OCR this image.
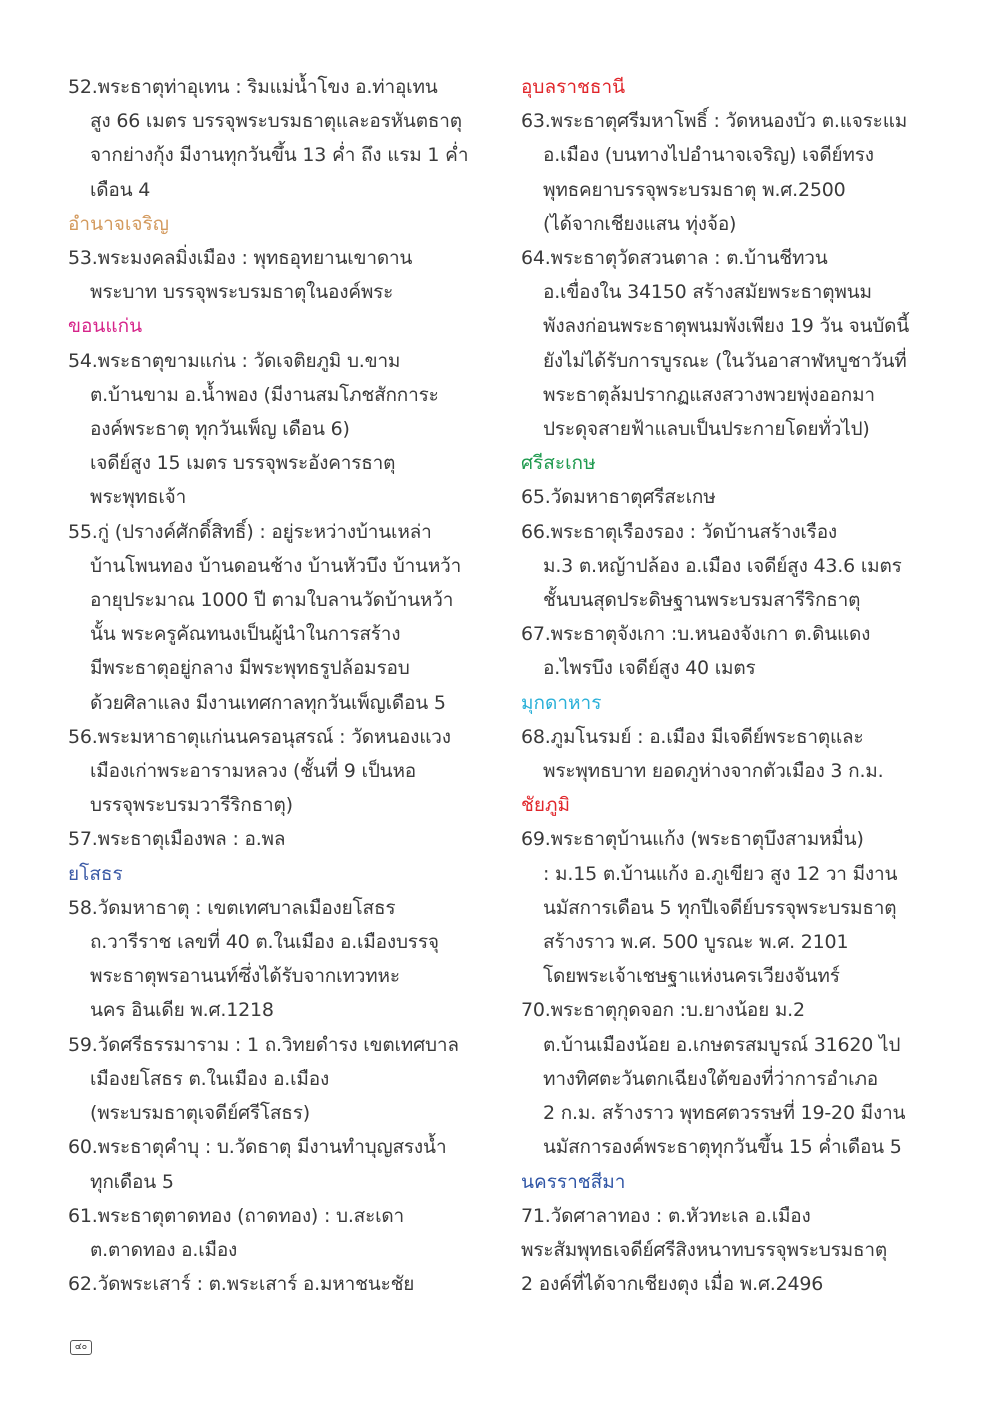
52.พระธาตุท่าอุเทน : ริมแม่น้ำโขง อ.ท่าอุเทน
สูง 66 เมตร บรรจุพระบรมธาตุและอรหันตธาตุ
จากย่างกุ้ง มีงานทุกวันขึ้น 13 ค่ำ ถึง แรม 1 ค่ำ
เดือน 4
อำนาจเจริญ
53.พระมงคลมิ่งเมือง : พุทธอุทยานเขาดาน
พระบาท บรรจุพระบรมธาตุในองค์พระ
ขอนแก่น
54.พระธาตุขามแก่น : วัดเจติยภูมิ บ.ขาม
ต.บ้านขาม อ.น้ำพอง (มีงานสมโภชสักการะ
องค์พระธาตุ ทุกวันเพ็ญ เดือน 6)
เจดีย์สูง 15 เมตร บรรจุพระอังคารธาตุ
พระพุทธเจ้า
55.กู่ (ปรางค์ศักดิ์สิทธิ์) : อยู่ระหว่างบ้านเหล่า
บ้านโพนทอง บ้านดอนช้าง บ้านหัวบึง บ้านหว้า
อายุประมาณ 1000 ปี ตามใบลานวัดบ้านหว้า
นั้น พระครูคัณทนงเป็นผู้นำในการสร้าง
มีพระธาตุอยู่กลาง มีพระพุทธรูปล้อมรอบ
ด้วยศิลาแลง มีงานเทศกาลทุกวันเพ็ญเดือน 5
56.พระมหาธาตุแก่นนครอนุสรณ์ : วัดหนองแวง
เมืองเก่าพระอารามหลวง (ชั้นที่ 9 เป็นหอ
บรรจุพระบรมวารีริกธาตุ)
57.พระธาตุเมืองพล : อ.พล
ยโสธร
58.วัดมหาธาตุ : เขตเทศบาลเมืองยโสธร
ถ.วารีราช เลขที่ 40 ต.ในเมือง อ.เมืองบรรจุ
พระธาตุพรอานนท์ซึ่งได้รับจากเทวทหะ
นคร อินเดีย พ.ศ.1218
59.วัดศรีธรรมาราม : 1 ถ.วิทยดำรง เขตเทศบาล
เมืองยโสธร ต.ในเมือง อ.เมือง
(พระบรมธาตุเจดีย์ศรีโสธร)
60.พระธาตุคำบุ : บ.วัดธาตุ มีงานทำบุญสรงน้ำ
ทุกเดือน 5
61.พระธาตุตาดทอง (ถาดทอง) : บ.สะเดา
ต.ตาดทอง อ.เมือง
62.วัดพระเสาร์ : ต.พระเสาร์ อ.มหาชนะชัย
อุบลราชธานี
63.พระธาตุศรีมหาโพธิ์ : วัดหนองบัว ต.แจระแม
อ.เมือง (บนทางไปอำนาจเจริญ) เจดีย์ทรง
พุทธคยาบรรจุพระบรมธาตุ พ.ศ.2500
(ได้จากเชียงแสน ทุ่งจ้อ)
64.พระธาตุวัดสวนตาล : ต.บ้านชีทวน
อ.เขื่องใน 34150 สร้างสมัยพระธาตุพนม
พังลงก่อนพระธาตุพนมพังเพียง 19 วัน จนบัดนี้
ยังไม่ได้รับการบูรณะ (ในวันอาสาฬหบูชาวันที่
พระธาตุล้มปรากฏแสงสวางพวยพุ่งออกมา
ประดุจสายฟ้าแลบเป็นประกายโดยทั่วไป)
ศรีสะเกษ
65.วัดมหาธาตุศรีสะเกษ
66.พระธาตุเรืองรอง : วัดบ้านสร้างเรือง
ม.3 ต.หญ้าปล้อง อ.เมือง เจดีย์สูง 43.6 เมตร
ชั้นบนสุดประดิษฐานพระบรมสารีริกธาตุ
67.พระธาตุจังเกา :บ.หนองจังเกา ต.ดินแดง
อ.ไพรบึง เจดีย์สูง 40 เมตร
มุกดาหาร
68.ภูมโนรมย์ : อ.เมือง มีเจดีย์พระธาตุและ
พระพุทธบาท ยอดภูห่างจากตัวเมือง 3 ก.ม.
ชัยภูมิ
69.พระธาตุบ้านแก้ง (พระธาตุบึงสามหมื่น)
: ม.15 ต.บ้านแก้ง อ.ภูเขียว สูง 12 วา มีงาน
นมัสการเดือน 5 ทุกปีเจดีย์บรรจุพระบรมธาตุ
สร้างราว พ.ศ. 500 บูรณะ พ.ศ. 2101
โดยพระเจ้าเชษฐาแห่งนครเวียงจันทร์
70.พระธาตุกุดจอก :บ.ยางน้อย ม.2
ต.บ้านเมืองน้อย อ.เกษตรสมบูรณ์ 31620 ไป
ทางทิศตะวันตกเฉียงใต้ของที่ว่าการอำเภอ
2 ก.ม. สร้างราว พุทธศตวรรษที่ 19-20 มีงาน
นมัสการองค์พระธาตุทุกวันขึ้น 15 ค่ำเดือน 5
นครราชสีมา
71.วัดศาลาทอง : ต.หัวทะเล อ.เมือง
พระสัมพุทธเจดีย์ศรีสิงหนาทบรรจุพระบรมธาตุ
2 องค์ที่ได้จากเชียงตุง เมื่อ พ.ศ.2496
๔๐
